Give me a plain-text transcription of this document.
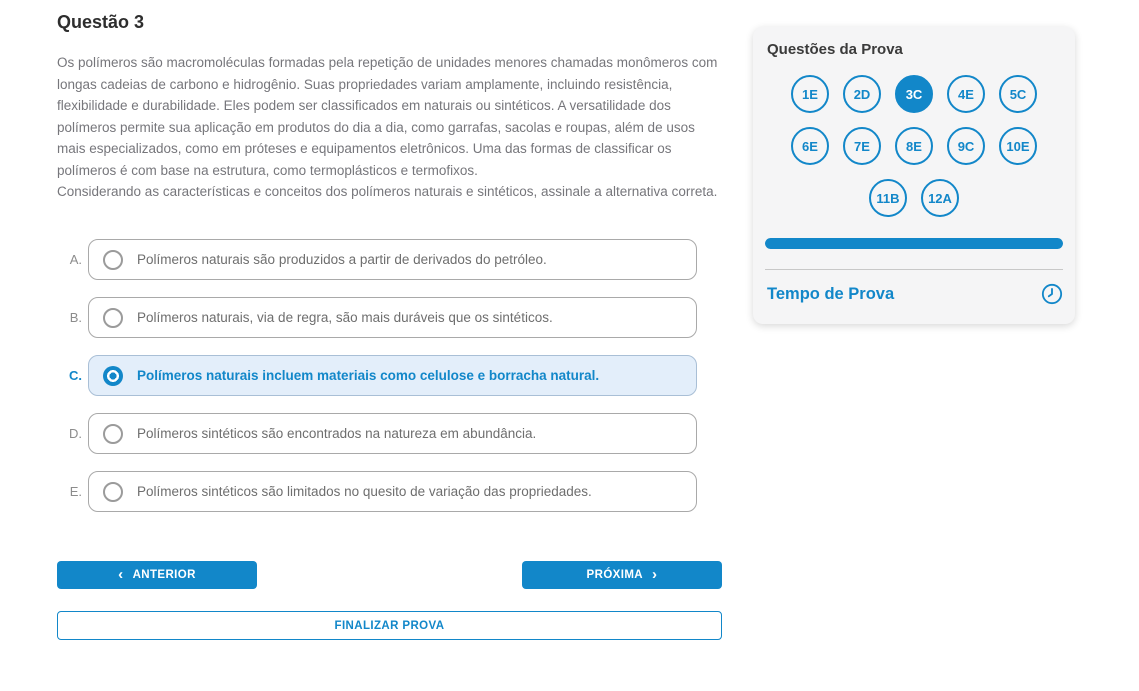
Questão 3

Os polímeros são macromoléculas formadas pela repetição de unidades menores chamadas monômeros com longas cadeias de carbono e hidrogênio. Suas propriedades variam amplamente, incluindo resistência, flexibilidade e durabilidade. Eles podem ser classificados em naturais ou sintéticos. A versatilidade dos polímeros permite sua aplicação em produtos do dia a dia, como garrafas, sacolas e roupas, além de usos mais especializados, como em próteses e equipamentos eletrônicos. Uma das formas de classificar os polímeros é com base na estrutura, como termoplásticos e termofixos.

Considerando as características e conceitos dos polímeros naturais e sintéticos, assinale a alternativa correta.

A.	Polímeros naturais são produzidos a partir de derivados do petróleo.
B.	Polímeros naturais, via de regra, são mais duráveis que os sintéticos.
C.	Polímeros naturais incluem materiais como celulose e borracha natural.
D.	Polímeros sintéticos são encontrados na natureza em abundância.
E.	Polímeros sintéticos são limitados no quesito de variação das propriedades.
‹ ANTERIOR	PRÓXIMA ›
FINALIZAR PROVA
Questões da Prova
1E	2D	3C	4E	5C
6E	7E	8E	9C	10E
11B	12A
Tempo de Prova
